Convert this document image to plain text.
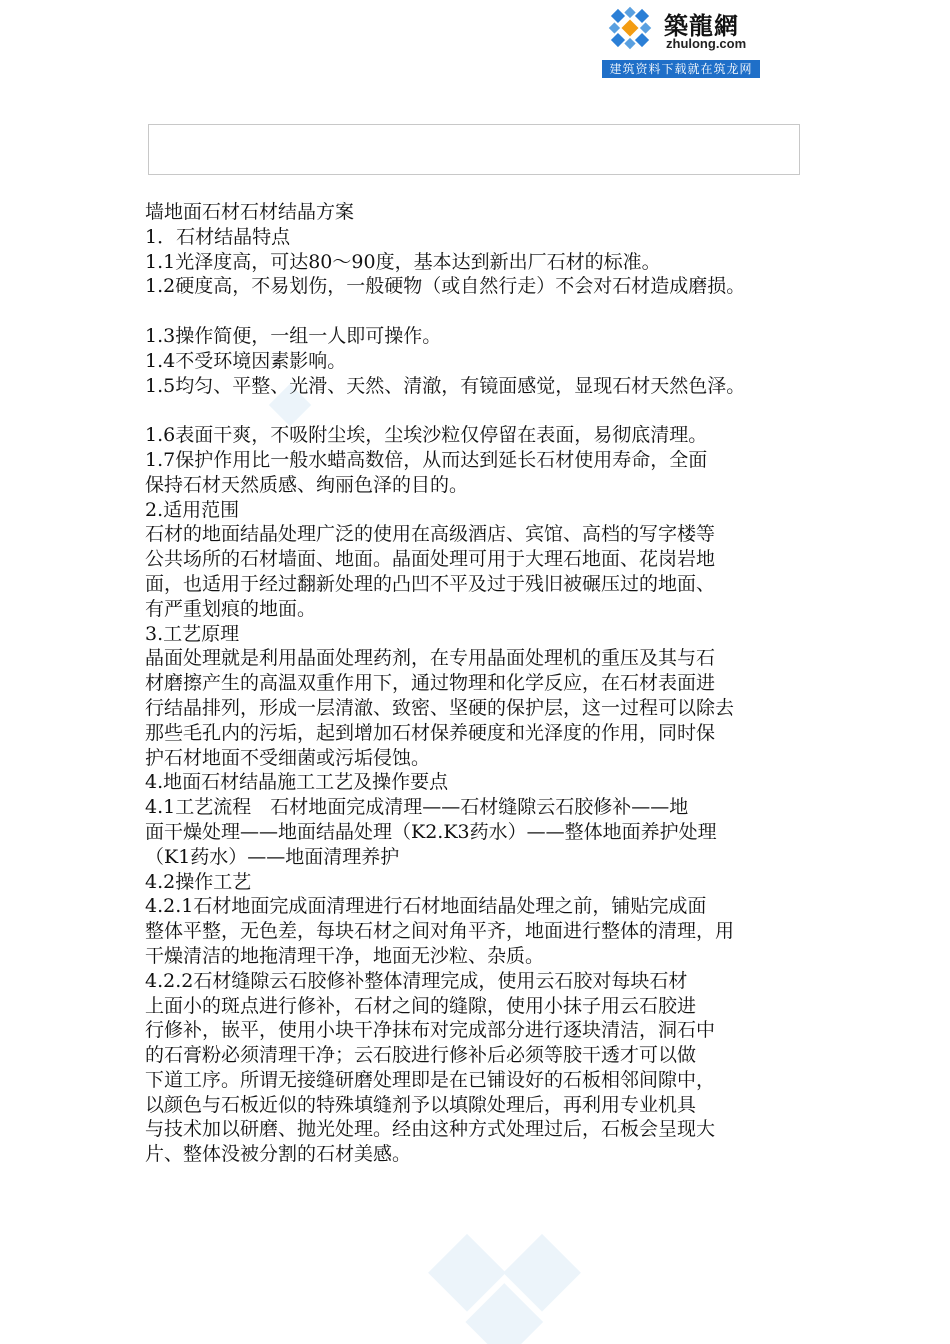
築龍網
zhulong.com
建筑资料下载就在筑龙网

墙地面石材石材结晶方案

1．石材结晶特点

1.1光泽度高，可达80～90度，基本达到新出厂石材的标准。

1.2硬度高，不易划伤，一般硬物（或自然行走）不会对石材造成磨损。

1.3操作简便，一组一人即可操作。

1.4不受环境因素影响。

1.5均匀、平整、光滑、天然、清澈，有镜面感觉，显现石材天然色泽。

1.6表面干爽，不吸附尘埃，尘埃沙粒仅停留在表面，易彻底清理。

1.7保护作用比一般水蜡高数倍，从而达到延长石材使用寿命，全面

保持石材天然质感、绚丽色泽的目的。

2.适用范围

石材的地面结晶处理广泛的使用在高级酒店、宾馆、高档的写字楼等

公共场所的石材墙面、地面。晶面处理可用于大理石地面、花岗岩地

面，也适用于经过翻新处理的凸凹不平及过于残旧被碾压过的地面、

有严重划痕的地面。

3.工艺原理

晶面处理就是利用晶面处理药剂，在专用晶面处理机的重压及其与石

材磨擦产生的高温双重作用下，通过物理和化学反应，在石材表面进

行结晶排列，形成一层清澈、致密、坚硬的保护层，这一过程可以除去

那些毛孔内的污垢，起到增加石材保养硬度和光泽度的作用，同时保

护石材地面不受细菌或污垢侵蚀。

4.地面石材结晶施工工艺及操作要点

4.1工艺流程　石材地面完成清理——石材缝隙云石胶修补——地

面干燥处理——地面结晶处理（K2.K3药水）——整体地面养护处理

（K1药水）——地面清理养护

4.2操作工艺

4.2.1石材地面完成面清理进行石材地面结晶处理之前，铺贴完成面

整体平整，无色差，每块石材之间对角平齐，地面进行整体的清理，用

干燥清洁的地拖清理干净，地面无沙粒、杂质。

4.2.2石材缝隙云石胶修补整体清理完成，使用云石胶对每块石材

上面小的斑点进行修补，石材之间的缝隙，使用小抹子用云石胶进

行修补，嵌平，使用小块干净抹布对完成部分进行逐块清洁，洞石中

的石膏粉必须清理干净；云石胶进行修补后必须等胶干透才可以做

下道工序。所谓无接缝研磨处理即是在已铺设好的石板相邻间隙中，

以颜色与石板近似的特殊填缝剂予以填隙处理后，再利用专业机具

与技术加以研磨、抛光处理。经由这种方式处理过后，石板会呈现大

片、整体没被分割的石材美感。
